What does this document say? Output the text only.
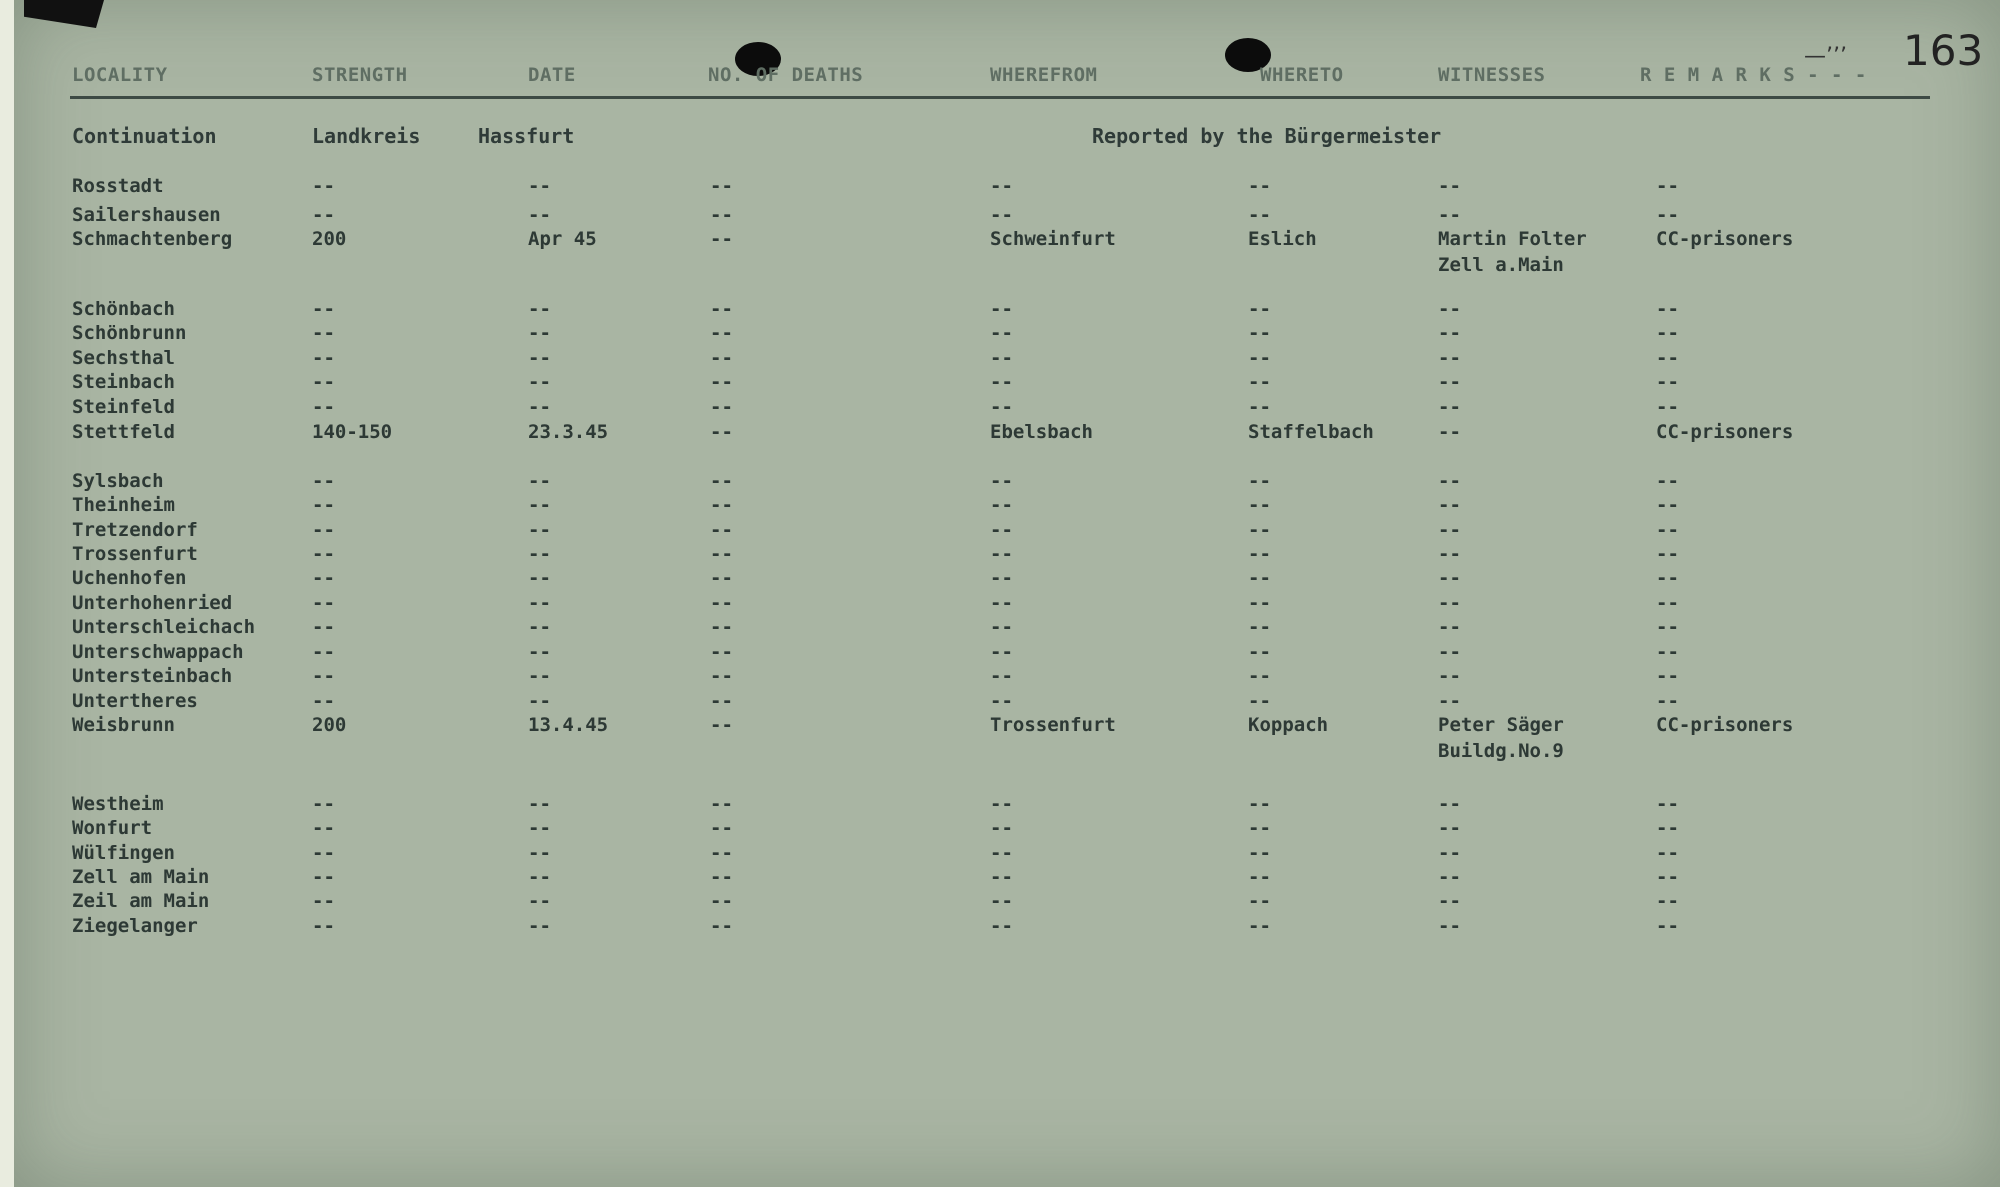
163
—’’’
LOCALITY	STRENGTH	DATE	NO. OF DEATHS	WHEREFROM	WHERETO	WITNESSES	R E M A R K S - - -
Continuation	Landkreis	Hassfurt	Reported by the Bürgermeister
Rosstadt	--	--	--	--	--	--	--
Sailershausen	--	--	--	--	--	--	--
Schmachtenberg	200	Apr 45	--	Schweinfurt	Eslich	Martin Folter	CC-prisoners
Zell a.Main
Schönbach	--	--	--	--	--	--	--
Schönbrunn	--	--	--	--	--	--	--
Sechsthal	--	--	--	--	--	--	--
Steinbach	--	--	--	--	--	--	--
Steinfeld	--	--	--	--	--	--	--
Stettfeld	140-150	23.3.45	--	Ebelsbach	Staffelbach	--	CC-prisoners
Sylsbach	--	--	--	--	--	--	--
Theinheim	--	--	--	--	--	--	--
Tretzendorf	--	--	--	--	--	--	--
Trossenfurt	--	--	--	--	--	--	--
Uchenhofen	--	--	--	--	--	--	--
Unterhohenried	--	--	--	--	--	--	--
Unterschleichach	--	--	--	--	--	--	--
Unterschwappach	--	--	--	--	--	--	--
Untersteinbach	--	--	--	--	--	--	--
Untertheres	--	--	--	--	--	--	--
Weisbrunn	200	13.4.45	--	Trossenfurt	Koppach	Peter Säger	CC-prisoners
Buildg.No.9
Westheim	--	--	--	--	--	--	--
Wonfurt	--	--	--	--	--	--	--
Wülfingen	--	--	--	--	--	--	--
Zell am Main	--	--	--	--	--	--	--
Zeil am Main	--	--	--	--	--	--	--
Ziegelanger	--	--	--	--	--	--	--
